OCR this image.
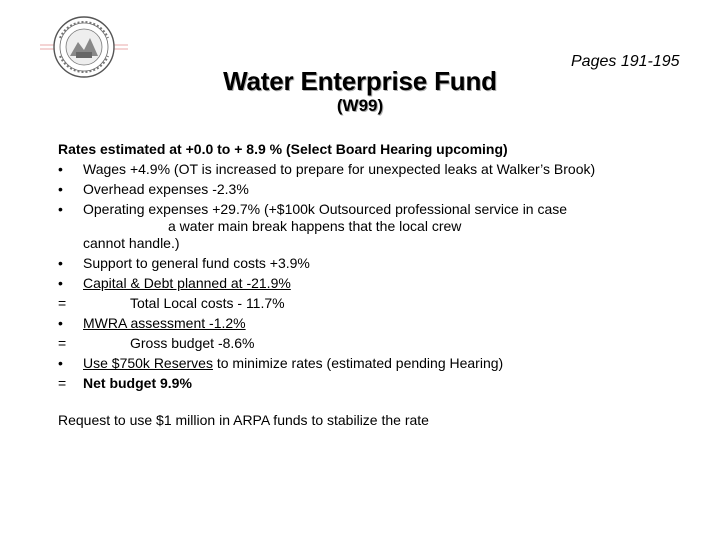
Pages 191-195
Water Enterprise Fund
(W99)
Rates estimated at +0.0 to + 8.9 % (Select Board Hearing upcoming)
•	Wages +4.9% (OT is increased to prepare for unexpected leaks at Walker’s Brook)
•	Overhead expenses -2.3%
•	Operating expenses +29.7% (+$100k Outsourced professional service in case
a water main break happens that the local crew
cannot handle.)
•	Support to general fund costs +3.9%
•	Capital & Debt planned at -21.9%
=	Total Local costs - 11.7%
•	MWRA assessment -1.2%
=	Gross budget -8.6%
•	Use $750k Reserves to minimize rates (estimated pending Hearing)
=	Net budget 9.9%
Request to use $1 million in ARPA funds to stabilize the rate
